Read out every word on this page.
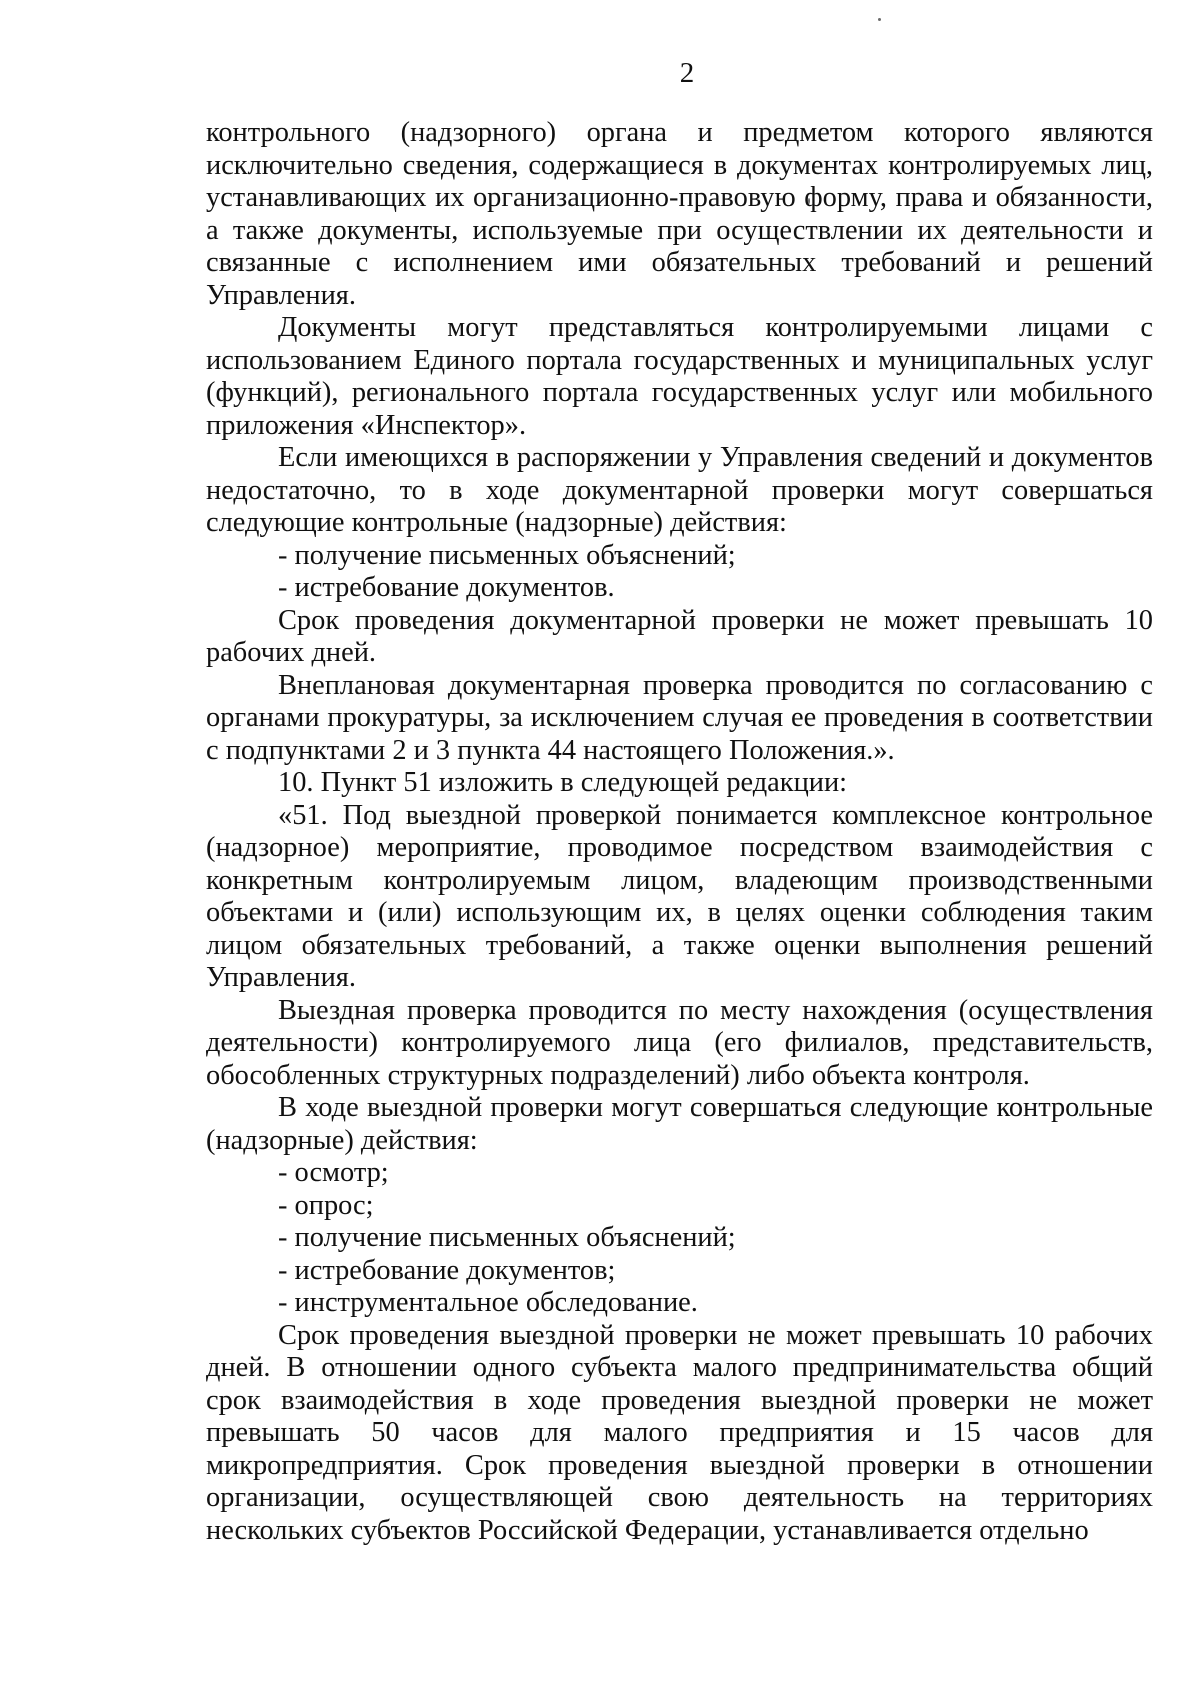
2

контрольного (надзорного) органа и предметом которого являются исключительно сведения, содержащиеся в документах контролируемых лиц, устанавливающих их организационно-правовую форму, права и обязанности, а также документы, используемые при осуществлении их деятельности и связанные с исполнением ими обязательных требований и решений Управления.

Документы могут представляться контролируемыми лицами с использованием Единого портала государственных и муниципальных услуг (функций), регионального портала государственных услуг или мобильного приложения «Инспектор».

Если имеющихся в распоряжении у Управления сведений и документов недостаточно, то в ходе документарной проверки могут совершаться следующие контрольные (надзорные) действия:

- получение письменных объяснений;

- истребование документов.

Срок проведения документарной проверки не может превышать 10 рабочих дней.

Внеплановая документарная проверка проводится по согласованию с органами прокуратуры, за исключением случая ее проведения в соответствии с подпунктами 2 и 3 пункта 44 настоящего Положения.».

10. Пункт 51 изложить в следующей редакции:

«51. Под выездной проверкой понимается комплексное контрольное (надзорное) мероприятие, проводимое посредством взаимодействия с конкретным контролируемым лицом, владеющим производственными объектами и (или) использующим их, в целях оценки соблюдения таким лицом обязательных требований, а также оценки выполнения решений Управления.

Выездная проверка проводится по месту нахождения (осуществления деятельности) контролируемого лица (его филиалов, представительств, обособленных структурных подразделений) либо объекта контроля.

В ходе выездной проверки могут совершаться следующие контрольные (надзорные) действия:

- осмотр;

- опрос;

- получение письменных объяснений;

- истребование документов;

- инструментальное обследование.

Срок проведения выездной проверки не может превышать 10 рабочих дней. В отношении одного субъекта малого предпринимательства общий срок взаимодействия в ходе проведения выездной проверки не может превышать 50 часов для малого предприятия и 15 часов для микропредприятия. Срок проведения выездной проверки в отношении организации, осуществляющей свою деятельность на территориях нескольких субъектов Российской Федерации, устанавливается отдельно
